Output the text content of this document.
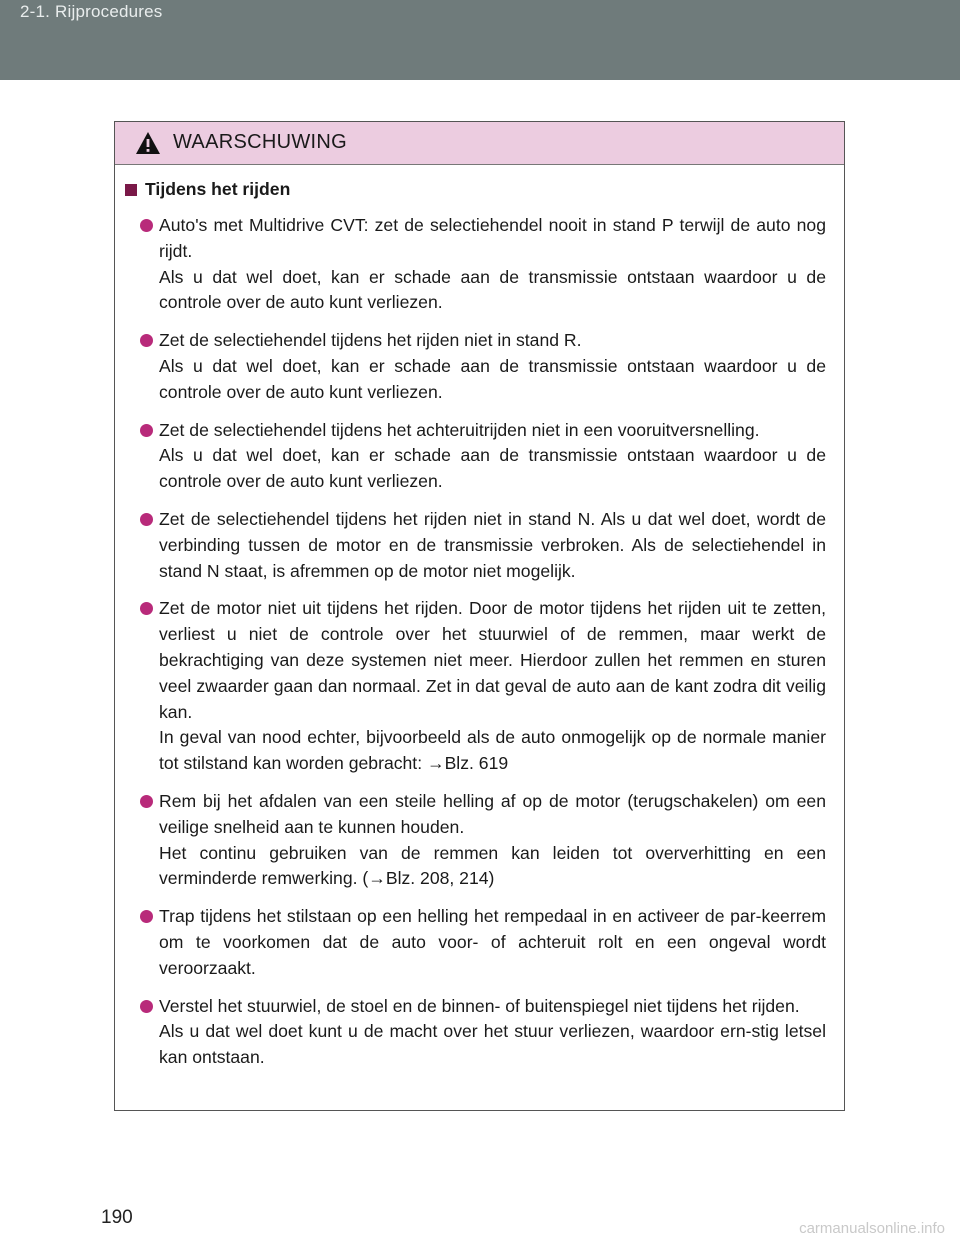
2-1. Rijprocedures
WAARSCHUWING
Tijdens het rijden
Auto's met Multidrive CVT: zet de selectiehendel nooit in stand P terwijl de auto nog rijdt.
Als u dat wel doet, kan er schade aan de transmissie ontstaan waardoor u de controle over de auto kunt verliezen.
Zet de selectiehendel tijdens het rijden niet in stand R.
Als u dat wel doet, kan er schade aan de transmissie ontstaan waardoor u de controle over de auto kunt verliezen.
Zet de selectiehendel tijdens het achteruitrijden niet in een vooruitversnelling.
Als u dat wel doet, kan er schade aan de transmissie ontstaan waardoor u de controle over de auto kunt verliezen.
Zet de selectiehendel tijdens het rijden niet in stand N. Als u dat wel doet, wordt de verbinding tussen de motor en de transmissie verbroken. Als de selectiehendel in stand N staat, is afremmen op de motor niet mogelijk.
Zet de motor niet uit tijdens het rijden. Door de motor tijdens het rijden uit te zetten, verliest u niet de controle over het stuurwiel of de remmen, maar werkt de bekrachtiging van deze systemen niet meer. Hierdoor zullen het remmen en sturen veel zwaarder gaan dan normaal. Zet in dat geval de auto aan de kant zodra dit veilig kan.
In geval van nood echter, bijvoorbeeld als de auto onmogelijk op de normale manier tot stilstand kan worden gebracht: →Blz. 619
Rem bij het afdalen van een steile helling af op de motor (terugschakelen) om een veilige snelheid aan te kunnen houden.
Het continu gebruiken van de remmen kan leiden tot oververhitting en een verminderde remwerking. (→Blz. 208, 214)
Trap tijdens het stilstaan op een helling het rempedaal in en activeer de par-keerrem om te voorkomen dat de auto voor- of achteruit rolt en een ongeval wordt veroorzaakt.
Verstel het stuurwiel, de stoel en de binnen- of buitenspiegel niet tijdens het rijden.
Als u dat wel doet kunt u de macht over het stuur verliezen, waardoor ern-stig letsel kan ontstaan.
190
carmanualsonline.info
